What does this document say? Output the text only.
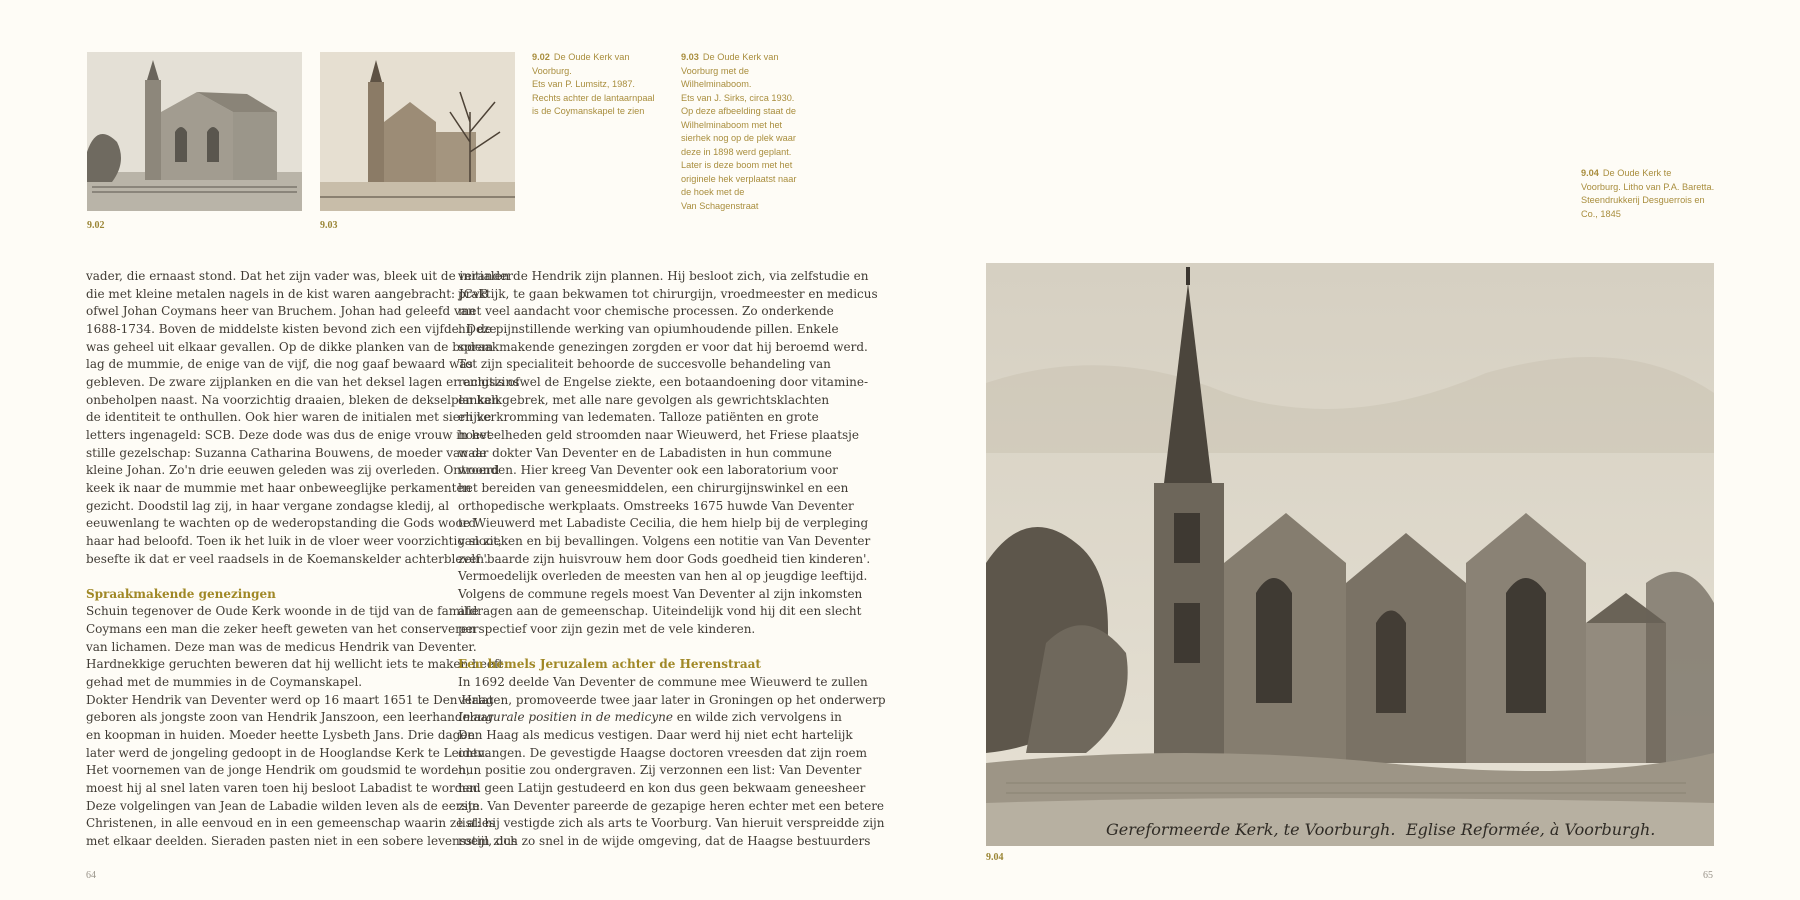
9.02
9.02 De Oude Kerk van
Voorburg.
Ets van P. Lumsitz, 1987.
Rechts achter de lantaarnpaal
is de Coymanskapel te zien
9.03
9.03 De Oude Kerk van
Voorburg met de
Wilhelminaboom.
Ets van J. Sirks, circa 1930.
Op deze afbeelding staat de
Wilhelminaboom met het
sierhek nog op de plek waar
deze in 1898 werd geplant.
Later is deze boom met het
originele hek verplaatst naar
de hoek met de
Van Schagenstraat
9.04 De Oude Kerk te
Voorburg. Litho van P.A. Baretta.
Steendrukkerij Desguerrois en
Co., 1845
Gereformeerde Kerk, te Voorburgh. Eglise Reformée, à Voorburgh.
9.04

vader, die ernaast stond. Dat het zijn vader was, bleek uit de initialen
die met kleine metalen nagels in de kist waren aangebracht: JCvB
ofwel Johan Coymans heer van Bruchem. Johan had geleefd van
1688-1734. Boven de middelste kisten bevond zich een vijfde. Deze
was geheel uit elkaar gevallen. Op de dikke planken van de bodem
lag de mummie, de enige van de vijf, die nog gaaf bewaard was
gebleven. De zware zijplanken en die van het deksel lagen er enigszins
onbeholpen naast. Na voorzichtig draaien, bleken de dekselplanken
de identiteit te onthullen. Ook hier waren de initialen met sierlijke
letters ingenageld: SCB. Deze dode was dus de enige vrouw in het
stille gezelschap: Suzanna Catharina Bouwens, de moeder van de
kleine Johan. Zo'n drie eeuwen geleden was zij overleden. Ontroerd
keek ik naar de mummie met haar onbeweeglijke perkamenten
gezicht. Doodstil lag zij, in haar vergane zondagse kledij, al
eeuwenlang te wachten op de wederopstanding die Gods woord
haar had beloofd. Toen ik het luik in de vloer weer voorzichtig sloot,
besefte ik dat er veel raadsels in de Koemanskelder achterbleven.

Spraakmakende genezingen

Schuin tegenover de Oude Kerk woonde in de tijd van de familie
Coymans een man die zeker heeft geweten van het conserveren
van lichamen. Deze man was de medicus Hendrik van Deventer.
Hardnekkige geruchten beweren dat hij wellicht iets te maken heeft
gehad met de mummies in de Coymanskapel.
Dokter Hendrik van Deventer werd op 16 maart 1651 te Den Haag
geboren als jongste zoon van Hendrik Janszoon, een leerhandelaar
en koopman in huiden. Moeder heette Lysbeth Jans. Drie dagen
later werd de jongeling gedoopt in de Hooglandse Kerk te Leiden.
Het voornemen van de jonge Hendrik om goudsmid te worden,
moest hij al snel laten varen toen hij besloot Labadist te worden.
Deze volgelingen van Jean de Labadie wilden leven als de eerste
Christenen, in alle eenvoud en in een gemeenschap waarin ze alles
met elkaar deelden. Sieraden pasten niet in een sobere levensstijl, dus

veranderde Hendrik zijn plannen. Hij besloot zich, via zelfstudie en
praktijk, te gaan bekwamen tot chirurgijn, vroedmeester en medicus
met veel aandacht voor chemische processen. Zo onderkende
hij de pijnstillende werking van opiumhoudende pillen. Enkele
spraakmakende genezingen zorgden er voor dat hij beroemd werd.
Tot zijn specialiteit behoorde de succesvolle behandeling van
rachitis ofwel de Engelse ziekte, een botaandoening door vitamine-
en kalkgebrek, met alle nare gevolgen als gewrichtsklachten
en verkromming van ledematen. Talloze patiënten en grote
hoeveelheden geld stroomden naar Wieuwerd, het Friese plaatsje
waar dokter Van Deventer en de Labadisten in hun commune
woonden. Hier kreeg Van Deventer ook een laboratorium voor
het bereiden van geneesmiddelen, een chirurgijnswinkel en een
orthopedische werkplaats. Omstreeks 1675 huwde Van Deventer
te Wieuwerd met Labadiste Cecilia, die hem hielp bij de verpleging
van zieken en bij bevallingen. Volgens een notitie van Van Deventer
zelf 'baarde zijn huisvrouw hem door Gods goedheid tien kinderen'.
Vermoedelijk overleden de meesten van hen al op jeugdige leeftijd.
Volgens de commune regels moest Van Deventer al zijn inkomsten
afdragen aan de gemeenschap. Uiteindelijk vond hij dit een slecht
perspectief voor zijn gezin met de vele kinderen.

Een hemels Jeruzalem achter de Herenstraat

In 1692 deelde Van Deventer de commune mee Wieuwerd te zullen
verlaten, promoveerde twee jaar later in Groningen op het onderwerp
Inaugurale positien in de medicyne en wilde zich vervolgens in
Den Haag als medicus vestigen. Daar werd hij niet echt hartelijk
ontvangen. De gevestigde Haagse doctoren vreesden dat zijn roem
hun positie zou ondergraven. Zij verzonnen een list: Van Deventer
had geen Latijn gestudeerd en kon dus geen bekwaam geneesheer
zijn. Van Deventer pareerde de gezapige heren echter met een betere
list: hij vestigde zich als arts te Voorburg. Van hieruit verspreidde zijn
roem zich zo snel in de wijde omgeving, dat de Haagse bestuurders

64	65
